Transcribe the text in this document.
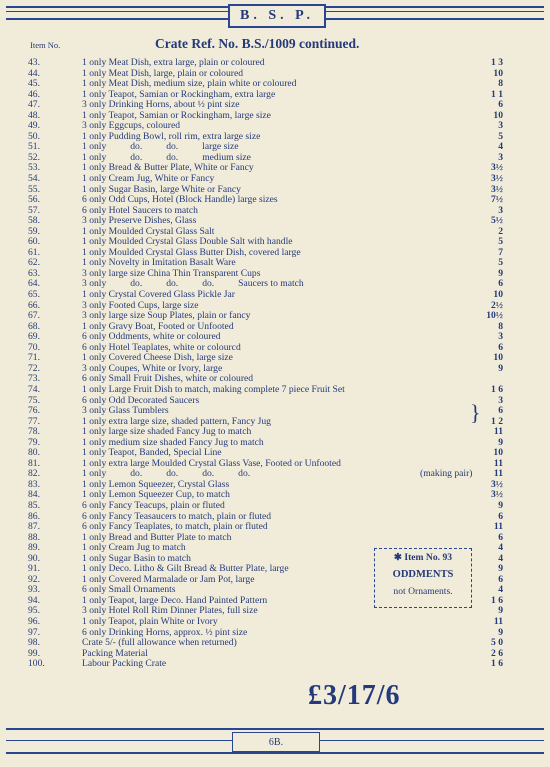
B. S. P.
Item No.	Crate Ref. No. B.S./1009 continued.
43.	1 only Meat Dish, extra large, plain or coloured	1 3
44.	1 only Meat Dish, large, plain or coloured	10
45.	1 only Meat Dish, medium size, plain white or coloured	8
46.	1 only Teapot, Samian or Rockingham, extra large	1 1
47.	3 only Drinking Horns, about ½ pint size	6
48.	1 only Teapot, Samian or Rockingham, large size	10
49.	3 only Eggcups, coloured	3
50.	1 only Pudding Bowl, roll rim, extra large size	5
51.	1 only          do.          do.          large size	4
52.	1 only          do.          do.          medium size	3
53.	1 only Bread & Butter Plate, White or Fancy	3½
54.	1 only Cream Jug, White or Fancy	3½
55.	1 only Sugar Basin, large White or Fancy	3½
56.	6 only Odd Cups, Hotel (Block Handle) large sizes	7½
57.	6 only Hotel Saucers to match	3
58.	3 only Preserve Dishes, Glass	5½
59.	1 only Moulded Crystal Glass Salt	2
60.	1 only Moulded Crystal Glass Double Salt with handle	5
61.	1 only Moulded Crystal Glass Butter Dish, covered large	7
62.	1 only Novelty in Imitation Basalt Ware	5
63.	3 only large size China Thin Transparent Cups	9
64.	3 only          do.          do.          do.          Saucers to match	6
65.	1 only Crystal Covered Glass Pickle Jar	10
66.	3 only Footed Cups, large size	2½
67.	3 only large size Soup Plates, plain or fancy	10½
68.	1 only Gravy Boat, Footed or Unfooted	8
69.	6 only Oddments, white or coloured	3
70.	6 only Hotel Teaplates, white or colourcd	6
71.	1 only Covered Cheese Dish, large size	10
72.	3 only Coupes, White or Ivory, large	9
73.	6 only Small Fruit Dishes, white or coloured
74.	1 only Large Fruit Dish to match, making complete 7 piece Fruit Set	1 6
75.	6 only Odd Decorated Saucers	3
76.	3 only Glass Tumblers	6
77.	1 only extra large size, shaded pattern, Fancy Jug	1 2
78.	1 only large size shaded Fancy Jug to match	11
79.	1 only medium size shaded Fancy Jug to match	9
80.	1 only Teapot, Banded, Special Line	10
81.	1 only extra large Moulded Crystal Glass Vase, Footed or Unfooted	11
82.	1 only          do.          do.          do.          do.	(making pair) 11
83.	1 only Lemon Squeezer, Crystal Glass	3½
84.	1 only Lemon Squeezer Cup, to match	3½
85.	6 only Fancy Teacups, plain or fluted	9
86.	6 only Fancy Teasaucers to match, plain or fluted	6
87.	6 only Fancy Teaplates, to match, plain or fluted	11
88.	1 only Bread and Butter Plate to match	6
89.	1 only Cream Jug to match	4
90.	1 only Sugar Basin to match	4
91.	1 only Deco. Litho & Gilt Bread & Butter Plate, large	9
92.	1 only Covered Marmalade or Jam Pot, large	6
93.	6 only Small Ornaments	4
94.	1 only Teapot, large Deco. Hand Painted Pattern	1 6
95.	3 only Hotel Roll Rim Dinner Plates, full size	9
96.	1 only Teapot, plain White or Ivory	11
97.	6 only Drinking Horns, approx. ½ pint size	9
98.	Crate 5/- (full allowance when returned)	5 0
99.	Packing Material	2 6
100.	Labour Packing Crate	1 6
}
✱ Item No. 93
ODDMENTS
not Ornaments.
£3/17/6
6B.
